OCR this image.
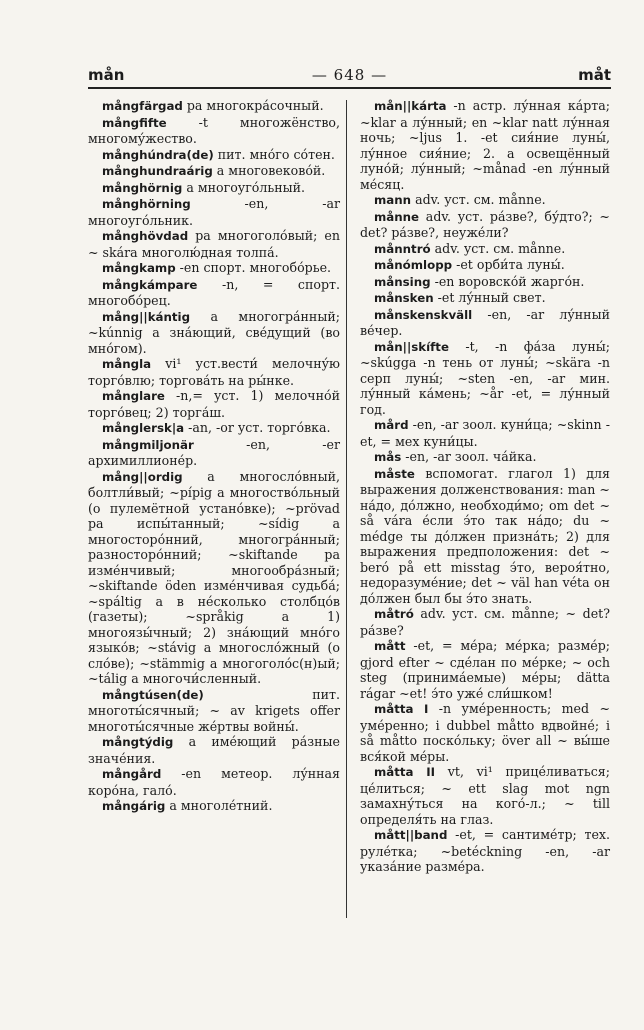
mån	— 648 —	måt

mångfärgad pa многокра́сочный.

mångfifte -t многожёнство, многому́жество.

månghúndra(de) пит. мно́го со́тен.

månghundraárig a многовеково́й.

månghörnig a многоуго́льный.

månghörning -en, -ar многоуго́льник.

månghövdad pa многоголо́вый; en ~ skára многолю́дная толпа́.

mångkamp -en спорт. многобо́рье.

mångkámpare -n, = спорт. многобо́рец.

mång||kántig a многогра́нный; ~kúnnig a зна́ющий, све́дущий (во мно́гом).

mångla vi¹ уст.вести́ мелочну́ю торго́влю; торгова́ть на ры́нке.

månglare -n,= уст. 1) мелочно́й торго́вец; 2) торга́ш.

månglersk|a -an, -or уст. торго́вка.

mångmiljonär -en, -er архимиллионе́р.

mång||ordig a многосло́вный, болтли́вый; ~pípig a многоство́льный (о пулемётной устано́вке); ~prövad pa испы́танный; ~sídig a многосторо́нний, многогра́нный; разносторо́нний; ~skiftande pa изме́нчивый; многообра́зный; ~skiftande öden изме́нчивая судьба́; ~spáltig a в не́сколько столбцо́в (газеты); ~språkig a 1) многоязы́чный; 2) зна́ющий мно́го языко́в; ~stávig a многосло́жный (о сло́ве); ~stämmig a многоголо́с(н)ый; ~tálig a многочи́сленный.

mångtúsen(de) пит. многоты́сячный; ~ av krigets offer многоты́сячные же́ртвы войны́.

mångtýdig a име́ющий ра́зные значе́ния.

mångård -en метеор. лу́нная коро́на, гало́.

mångárig a многоле́тний.

mån||kárta -n астр. лу́нная ка́рта; ~klar a лу́нный; en ~klar natt лу́нная ночь; ~ljus 1. -et сия́ние луны́, лу́нное сия́ние; 2. a освещённый луно́й; лу́нный; ~månad -en лу́нный ме́сяц.

mann adv. уст. см. månne.

månne adv. уст. ра́зве?, бу́дто?; ~ det? ра́зве?, неуже́ли?

månntró adv. уст. см. månne.

månómlopp -et орби́та луны́.

månsing -en воровско́й жарго́н.

månsken -et лу́нный свет.

månskenskväll -en, -ar лу́нный ве́чер.

mån||skífte -t, -n фа́за луны́; ~skúgga -n тень от луны́; ~skära -n серп луны́; ~sten -en, -ar мин. лу́нный ка́мень; ~år -et, = лу́нный год.

mård -en, -ar зоол. куни́ца; ~skinn -et, = мех куни́цы.

mås -en, -ar зоол. ча́йка.

måste вспомогат. глагол 1) для выражения долженствования: man ~ на́до, до́лжно, необходи́мо; om det ~ så vára е́сли э́то так на́до; du ~ médge ты до́лжен призна́ть; 2) для выражения предположения: det ~ beró på ett misstag э́то, вероя́тно, недоразуме́ние; det ~ väl han véta он до́лжен был бы э́то знать.

måtró adv. уст. см. månne; ~ det? ра́зве?

mått -et, = ме́ра; ме́рка; разме́р; gjord efter ~ сде́лан по ме́рке; ~ och steg (принима́емые) ме́ры; dätta rágar ~et! э́то уже́ сли́шком!

måtta I -n уме́ренность; med ~ уме́ренно; i dubbel måtto вдвойне́; i så måtto поско́льку; över all ~ вы́ше вся́кой ме́ры.

måtta II vt, vi¹ прице́ливаться; це́литься; ~ ett slag mot ngn замахну́ться на кого́-л.; ~ till определя́ть на глаз.

mått||band -et, = сантиме́тр; тех. руле́тка; ~betéckning -en, -ar указа́ние разме́ра.
